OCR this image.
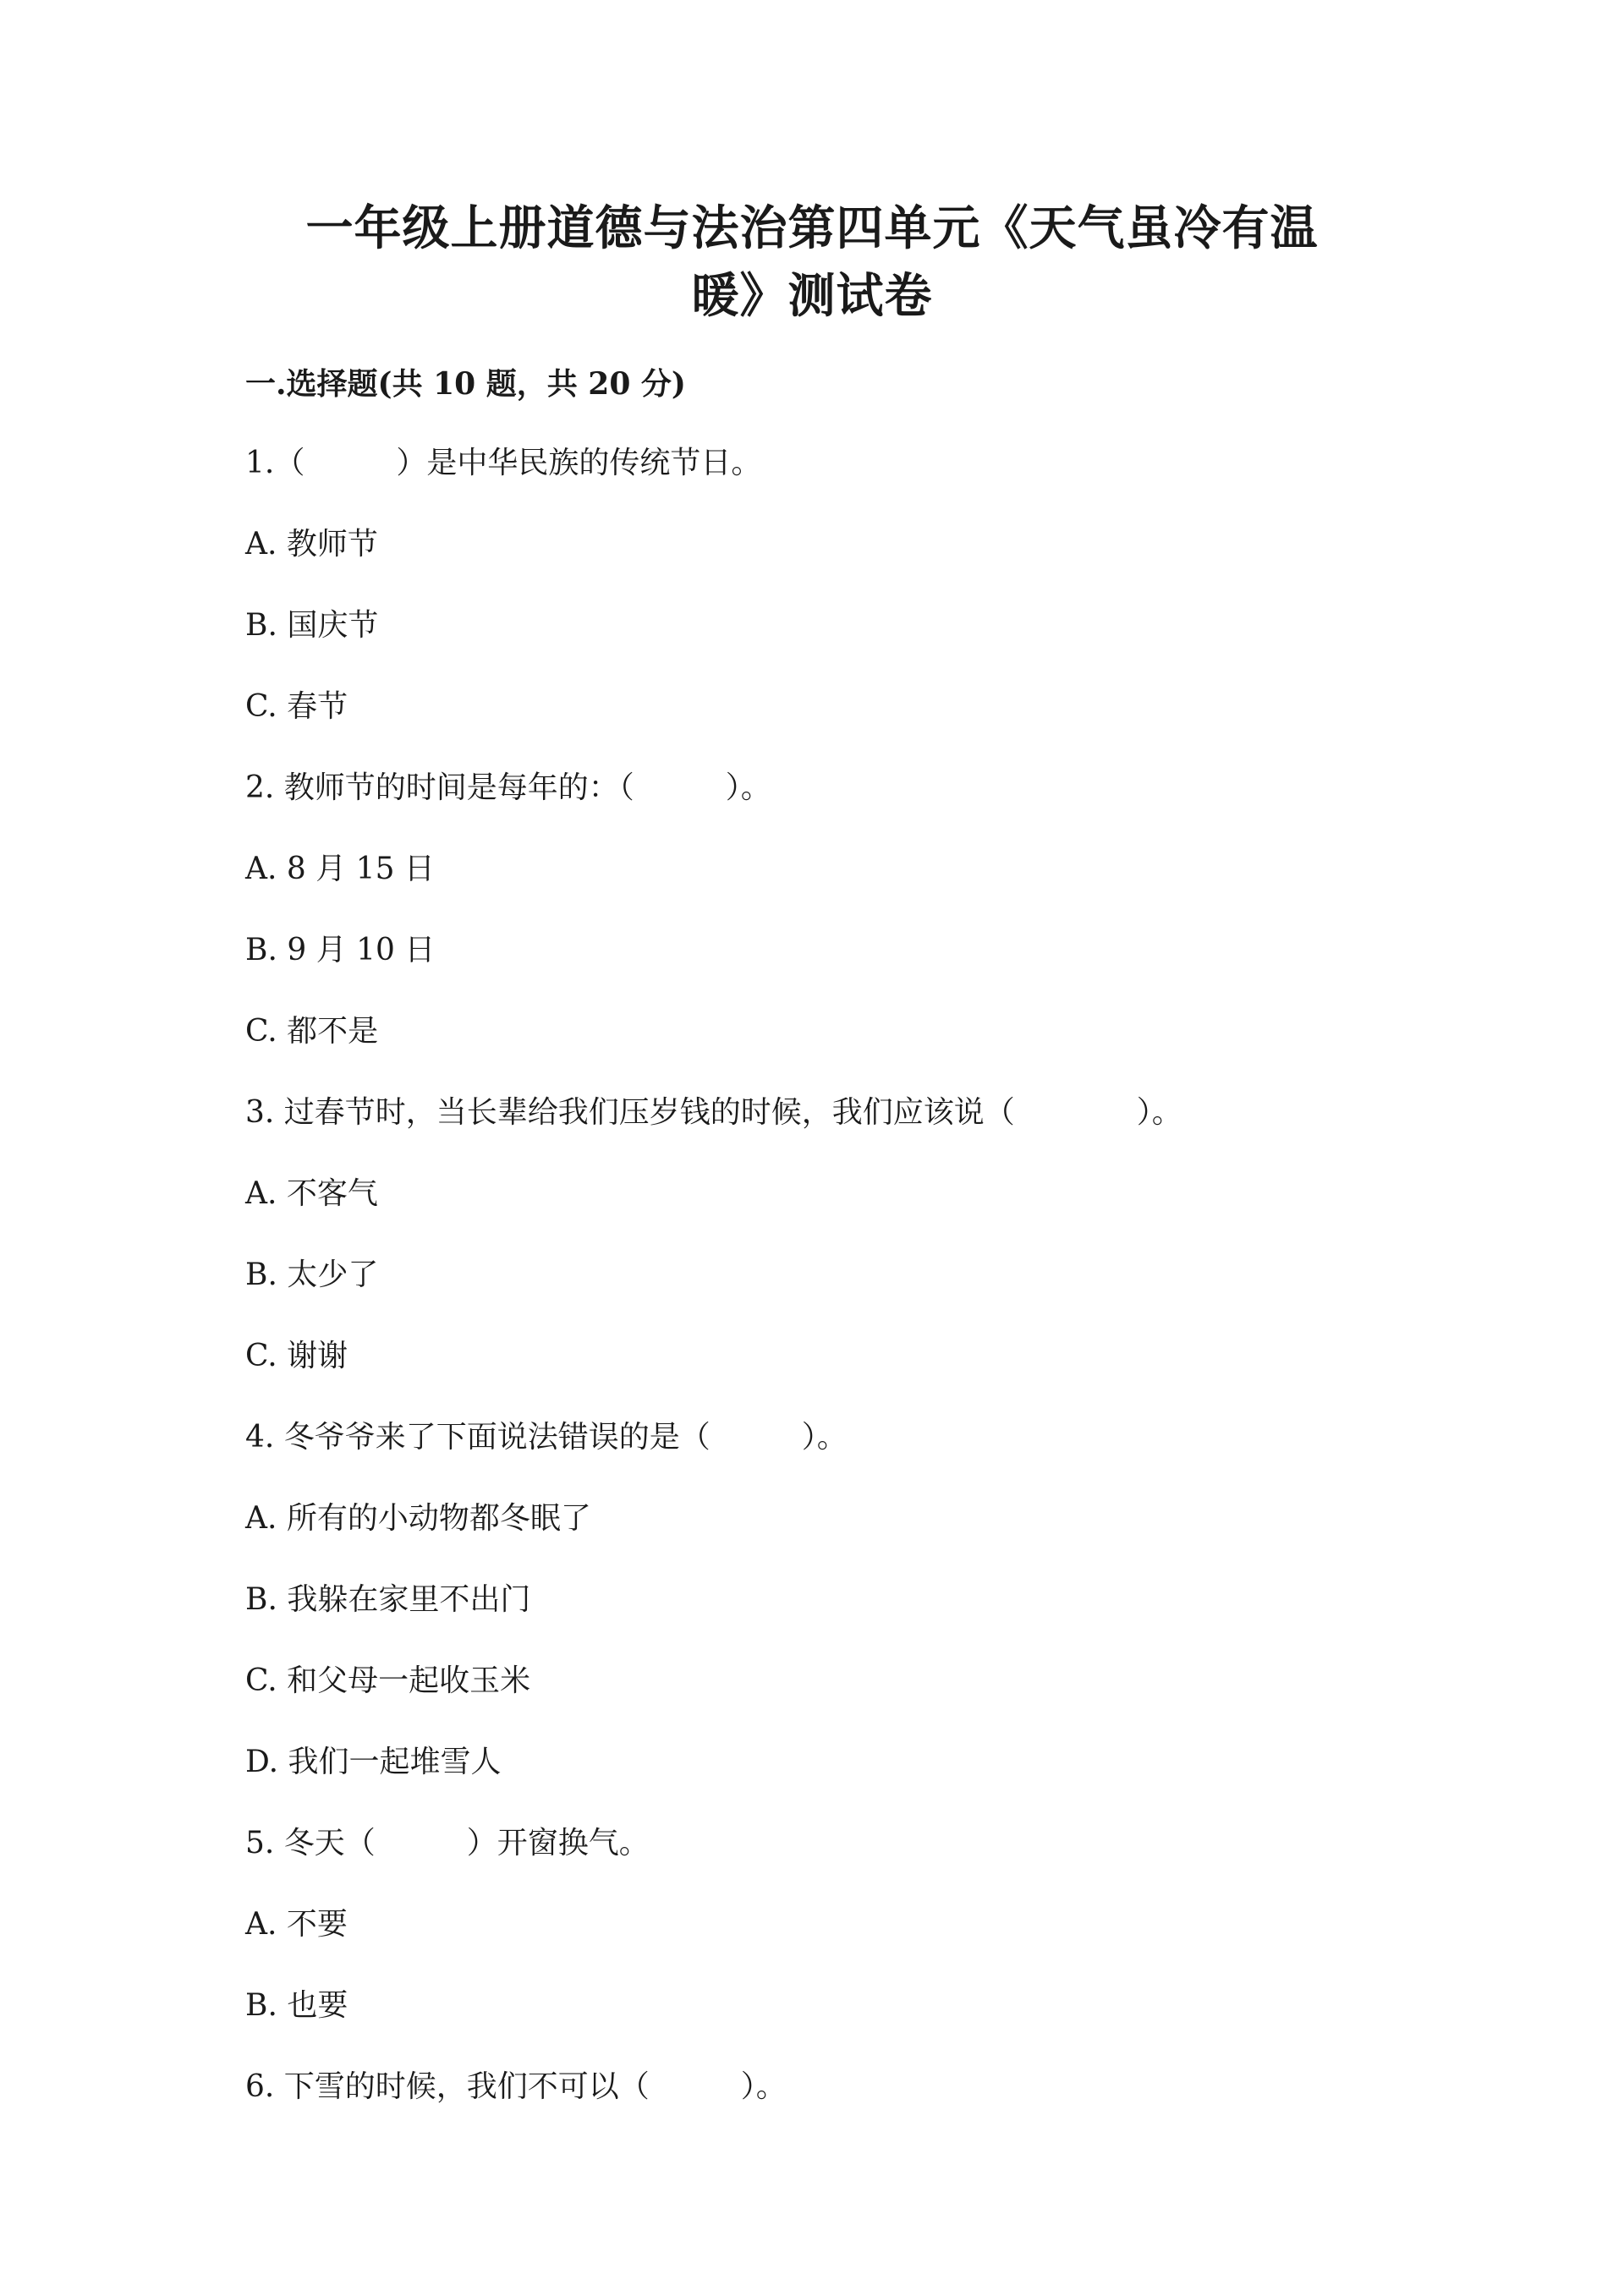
一年级上册道德与法治第四单元《天气虽冷有温
暖》测试卷
一.选择题(共 10 题，共 20 分)

1.（　　　）是中华民族的传统节日。

A. 教师节

B. 国庆节

C. 春节

2. 教师节的时间是每年的：（　　　）。

A. 8 月 15 日

B. 9 月 10 日

C. 都不是

3. 过春节时，当长辈给我们压岁钱的时候，我们应该说（　　　　）。

A. 不客气

B. 太少了

C. 谢谢

4. 冬爷爷来了下面说法错误的是（　　　）。

A. 所有的小动物都冬眠了

B. 我躲在家里不出门

C. 和父母一起收玉米

D. 我们一起堆雪人

5. 冬天（　　　）开窗换气。

A. 不要

B. 也要

6. 下雪的时候，我们不可以（　　　）。
